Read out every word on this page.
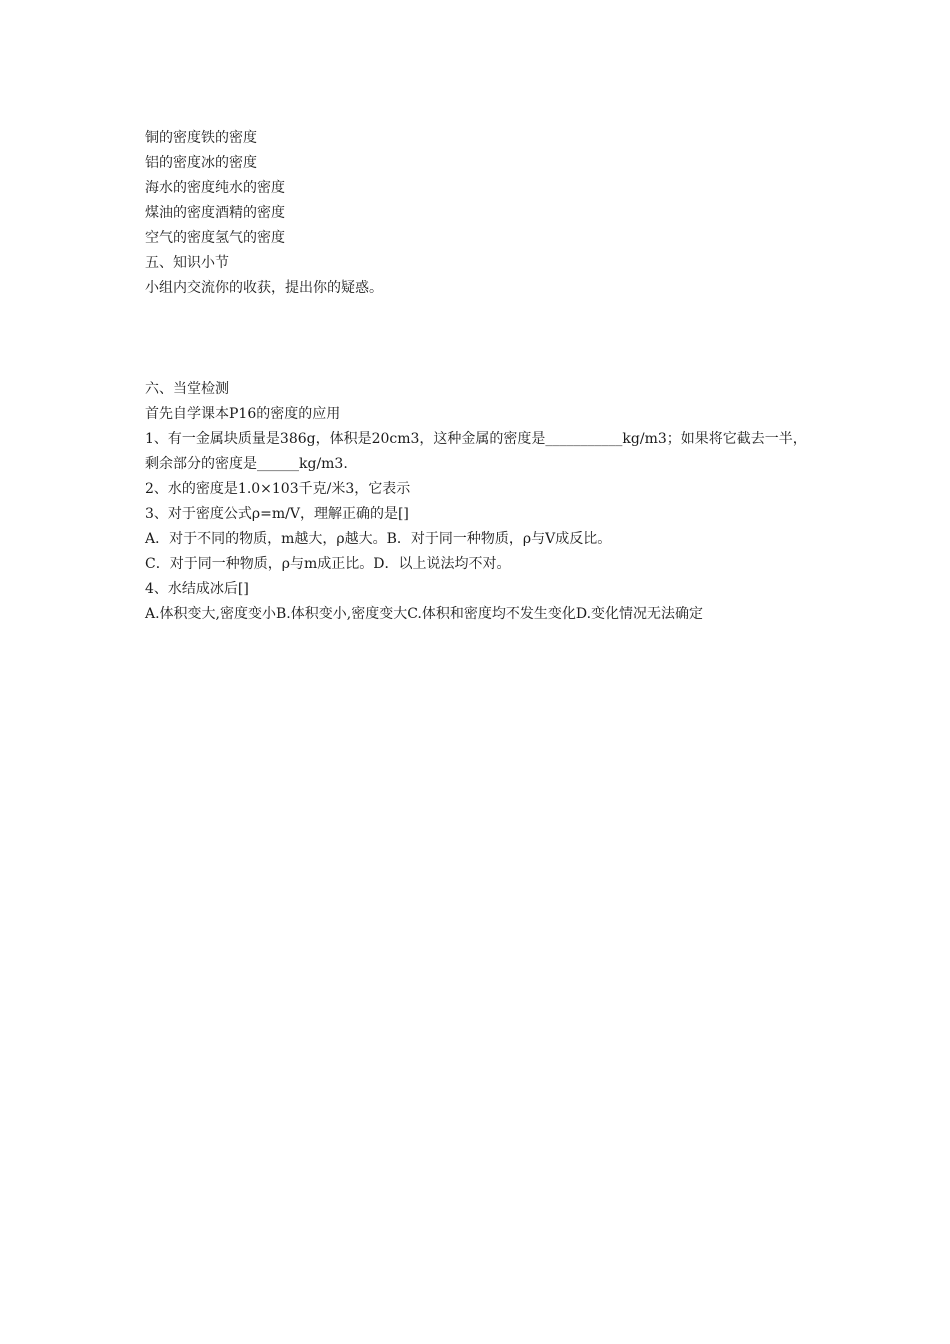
铜的密度铁的密度
铝的密度冰的密度
海水的密度纯水的密度
煤油的密度酒精的密度
空气的密度氢气的密度
五、知识小节
小组内交流你的收获，提出你的疑惑。
六、当堂检测
首先自学课本P16的密度的应用
1、有一金属块质量是386g，体积是20cm3，这种金属的密度是___________kg/m3；如果将它截去一半，剩余部分的密度是______kg/m3.
2、水的密度是1.0×103千克/米3，它表示
3、对于密度公式ρ=m/V，理解正确的是[]
A．对于不同的物质，m越大，ρ越大。B．对于同一种物质，ρ与V成反比。
C．对于同一种物质，ρ与m成正比。D．以上说法均不对。
4、水结成冰后[]
A.体积变大,密度变小B.体积变小,密度变大C.体积和密度均不发生变化D.变化情况无法确定
